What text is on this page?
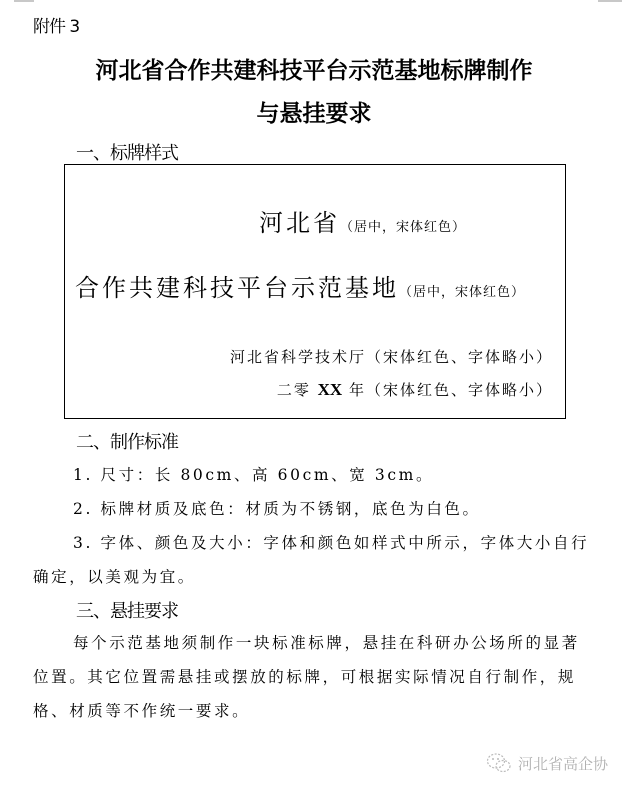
附件 3
河北省合作共建科技平台示范基地标牌制作
与悬挂要求
一、标牌样式
河北省（居中，宋体红色）
合作共建科技平台示范基地（居中，宋体红色）
河北省科学技术厅（宋体红色、字体略小）
二零 XX 年（宋体红色、字体略小）
二、制作标准
1. 尺寸：长 80cm、高 60cm、宽 3cm。
2. 标牌材质及底色：材质为不锈钢，底色为白色。
3. 字体、颜色及大小：字体和颜色如样式中所示，字体大小自行
确定，以美观为宜。
三、悬挂要求
每个示范基地须制作一块标准标牌，悬挂在科研办公场所的显著
位置。其它位置需悬挂或摆放的标牌，可根据实际情况自行制作，规
格、材质等不作统一要求。
河北省高企协
